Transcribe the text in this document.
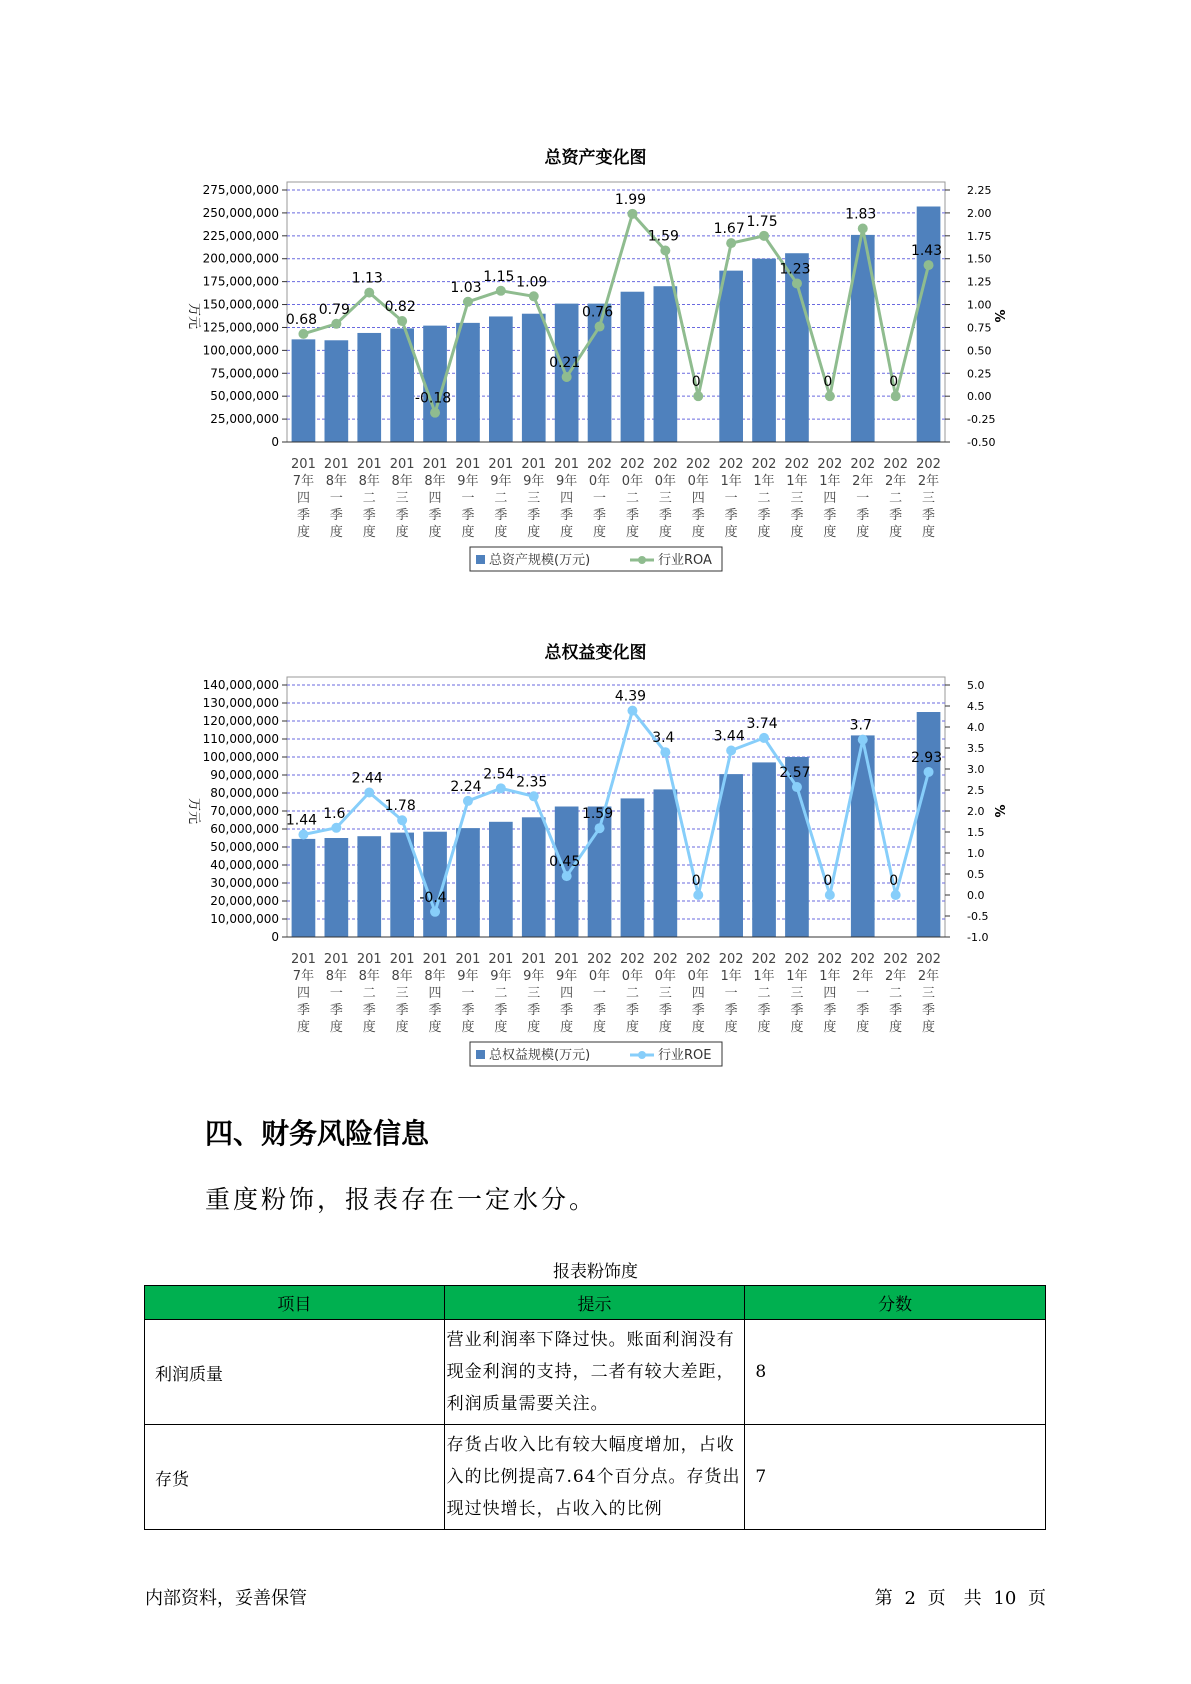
总资产变化图
0
25,000,000
50,000,000
75,000,000
100,000,000
125,000,000
150,000,000
175,000,000
200,000,000
225,000,000
250,000,000
275,000,000
-0.50
-0.25
0.00
0.25
0.50
0.75
1.00
1.25
1.50
1.75
2.00
2.25
万元	%
201
7年
四
季
度
201
8年
一
季
度
201
8年
二
季
度
201
8年
三
季
度
201
8年
四
季
度
201
9年
一
季
度
201
9年
二
季
度
201
9年
三
季
度
201
9年
四
季
度
202
0年
一
季
度
202
0年
二
季
度
202
0年
三
季
度
202
0年
四
季
度
202
1年
一
季
度
202
1年
二
季
度
202
1年
三
季
度
202
1年
四
季
度
202
2年
一
季
度
202
2年
二
季
度
202
2年
三
季
度
0.68
0.79
1.13
0.82
-0.18
1.03
1.15 1.09
0.21
0.76
1.99
1.59
0
1.67 1.75
1.23
0
1.83
0
1.43
总资产规模(万元)	行业ROA
总权益变化图
0
10,000,000
20,000,000
30,000,000
40,000,000
50,000,000
60,000,000
70,000,000
80,000,000
90,000,000
100,000,000
110,000,000
120,000,000
130,000,000
140,000,000
-1.0
-0.5
0.0
0.5
1.0
1.5
2.0
2.5
3.0
3.5
4.0
4.5
5.0
万元	%
201
7年
四
季
度
201
8年
一
季
度
201
8年
二
季
度
201
8年
三
季
度
201
8年
四
季
度
201
9年
一
季
度
201
9年
二
季
度
201
9年
三
季
度
201
9年
四
季
度
202
0年
一
季
度
202
0年
二
季
度
202
0年
三
季
度
202
0年
四
季
度
202
1年
一
季
度
202
1年
二
季
度
202
1年
三
季
度
202
1年
四
季
度
202
2年
一
季
度
202
2年
二
季
度
202
2年
三
季
度
1.44 1.6
2.44
1.78
-0.4
2.24
2.54 2.35
0.45
1.59
4.39
3.4
0
3.44
3.74
2.57
0
3.7
0
2.93
总权益规模(万元)	行业ROE
四、财务风险信息
重度粉饰，报表存在一定水分。
报表粉饰度
项目	提示	分数
利润质量	营业利润率下降过快。账面利润没有现金利润的支持，二者有较大差距，利润质量需要关注。	8
存货	存货占收入比有较大幅度增加，占收入的比例提高7.64个百分点。存货出现过快增长，占收入的比例	7
内部资料，妥善保管	第 2 页　共 10 页
